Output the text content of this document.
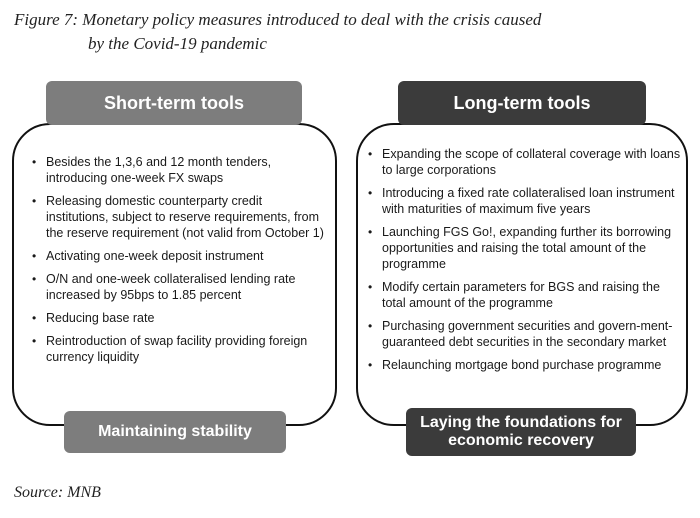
Figure 7: Monetary policy measures introduced to deal with the crisis caused
by the Covid-19 pandemic
Short-term tools
• Besides the 1,3,6 and 12 month tenders, introducing one-week FX swaps
• Releasing domestic counterparty credit institutions, subject to reserve requirements, from the reserve requirement (not valid from October 1)
• Activating one-week deposit instrument
• O/N and one-week collateralised lending rate increased by 95bps to 1.85 percent
• Reducing base rate
• Reintroduction of swap facility providing foreign currency liquidity
Maintaining stability
Long-term tools
• Expanding the scope of collateral coverage with loans to large corporations
• Introducing a fixed rate collateralised loan instrument with maturities of maximum five years
• Launching FGS Go!, expanding further its borrowing opportunities and raising the total amount of the programme
• Modify certain parameters for BGS and raising the total amount of the programme
• Purchasing government securities and govern-ment-guaranteed debt securities in the secondary market
• Relaunching mortgage bond purchase programme
Laying the foundations for economic recovery
Source: MNB
